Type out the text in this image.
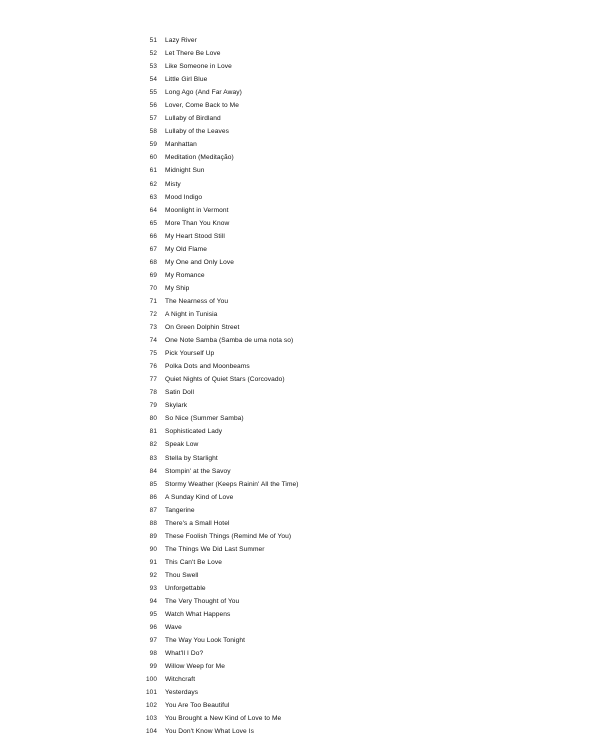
51	Lazy River
52	Let There Be Love
53	Like Someone in Love
54	Little Girl Blue
55	Long Ago (And Far Away)
56	Lover, Come Back to Me
57	Lullaby of Birdland
58	Lullaby of the Leaves
59	Manhattan
60	Meditation (Meditação)
61	Midnight Sun
62	Misty
63	Mood Indigo
64	Moonlight in Vermont
65	More Than You Know
66	My Heart Stood Still
67	My Old Flame
68	My One and Only Love
69	My Romance
70	My Ship
71	The Nearness of You
72	A Night in Tunisia
73	On Green Dolphin Street
74	One Note Samba (Samba de uma nota so)
75	Pick Yourself Up
76	Polka Dots and Moonbeams
77	Quiet Nights of Quiet Stars (Corcovado)
78	Satin Doll
79	Skylark
80	So Nice (Summer Samba)
81	Sophisticated Lady
82	Speak Low
83	Stella by Starlight
84	Stompin' at the Savoy
85	Stormy Weather (Keeps Rainin' All the Time)
86	A Sunday Kind of Love
87	Tangerine
88	There's a Small Hotel
89	These Foolish Things (Remind Me of You)
90	The Things We Did Last Summer
91	This Can't Be Love
92	Thou Swell
93	Unforgettable
94	The Very Thought of You
95	Watch What Happens
96	Wave
97	The Way You Look Tonight
98	What'll I Do?
99	Willow Weep for Me
100	Witchcraft
101	Yesterdays
102	You Are Too Beautiful
103	You Brought a New Kind of Love to Me
104	You Don't Know What Love Is
